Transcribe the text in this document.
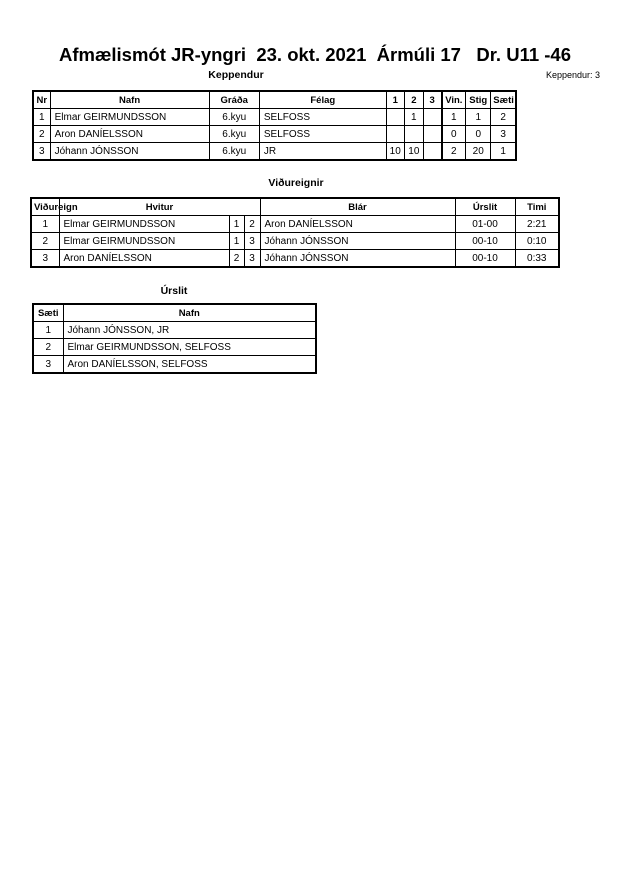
Afmælismót JR-yngri  23. okt. 2021  Ármúli 17   Dr. U11 -46
Keppendur	Keppendur: 3
Nr	Nafn	Gráða	Félag	1	2	3	Vin.	Stig	Sæti
1	Elmar GEIRMUNDSSON	6.kyu	SELFOSS		1		1	1	2
2	Aron DANÍELSSON	6.kyu	SELFOSS				0	0	3
3	Jóhann JÓNSSON	6.kyu	JR	10	10		2	20	1
Viðureignir
Viðureign	Hvitur			Blár	Úrslit	Timi
1	Elmar GEIRMUNDSSON	1	2	Aron DANÍELSSON	01-00	2:21
2	Elmar GEIRMUNDSSON	1	3	Jóhann JÓNSSON	00-10	0:10
3	Aron DANÍELSSON	2	3	Jóhann JÓNSSON	00-10	0:33
Úrslit
Sæti	Nafn
1	Jóhann JÓNSSON, JR
2	Elmar GEIRMUNDSSON, SELFOSS
3	Aron DANÍELSSON, SELFOSS
